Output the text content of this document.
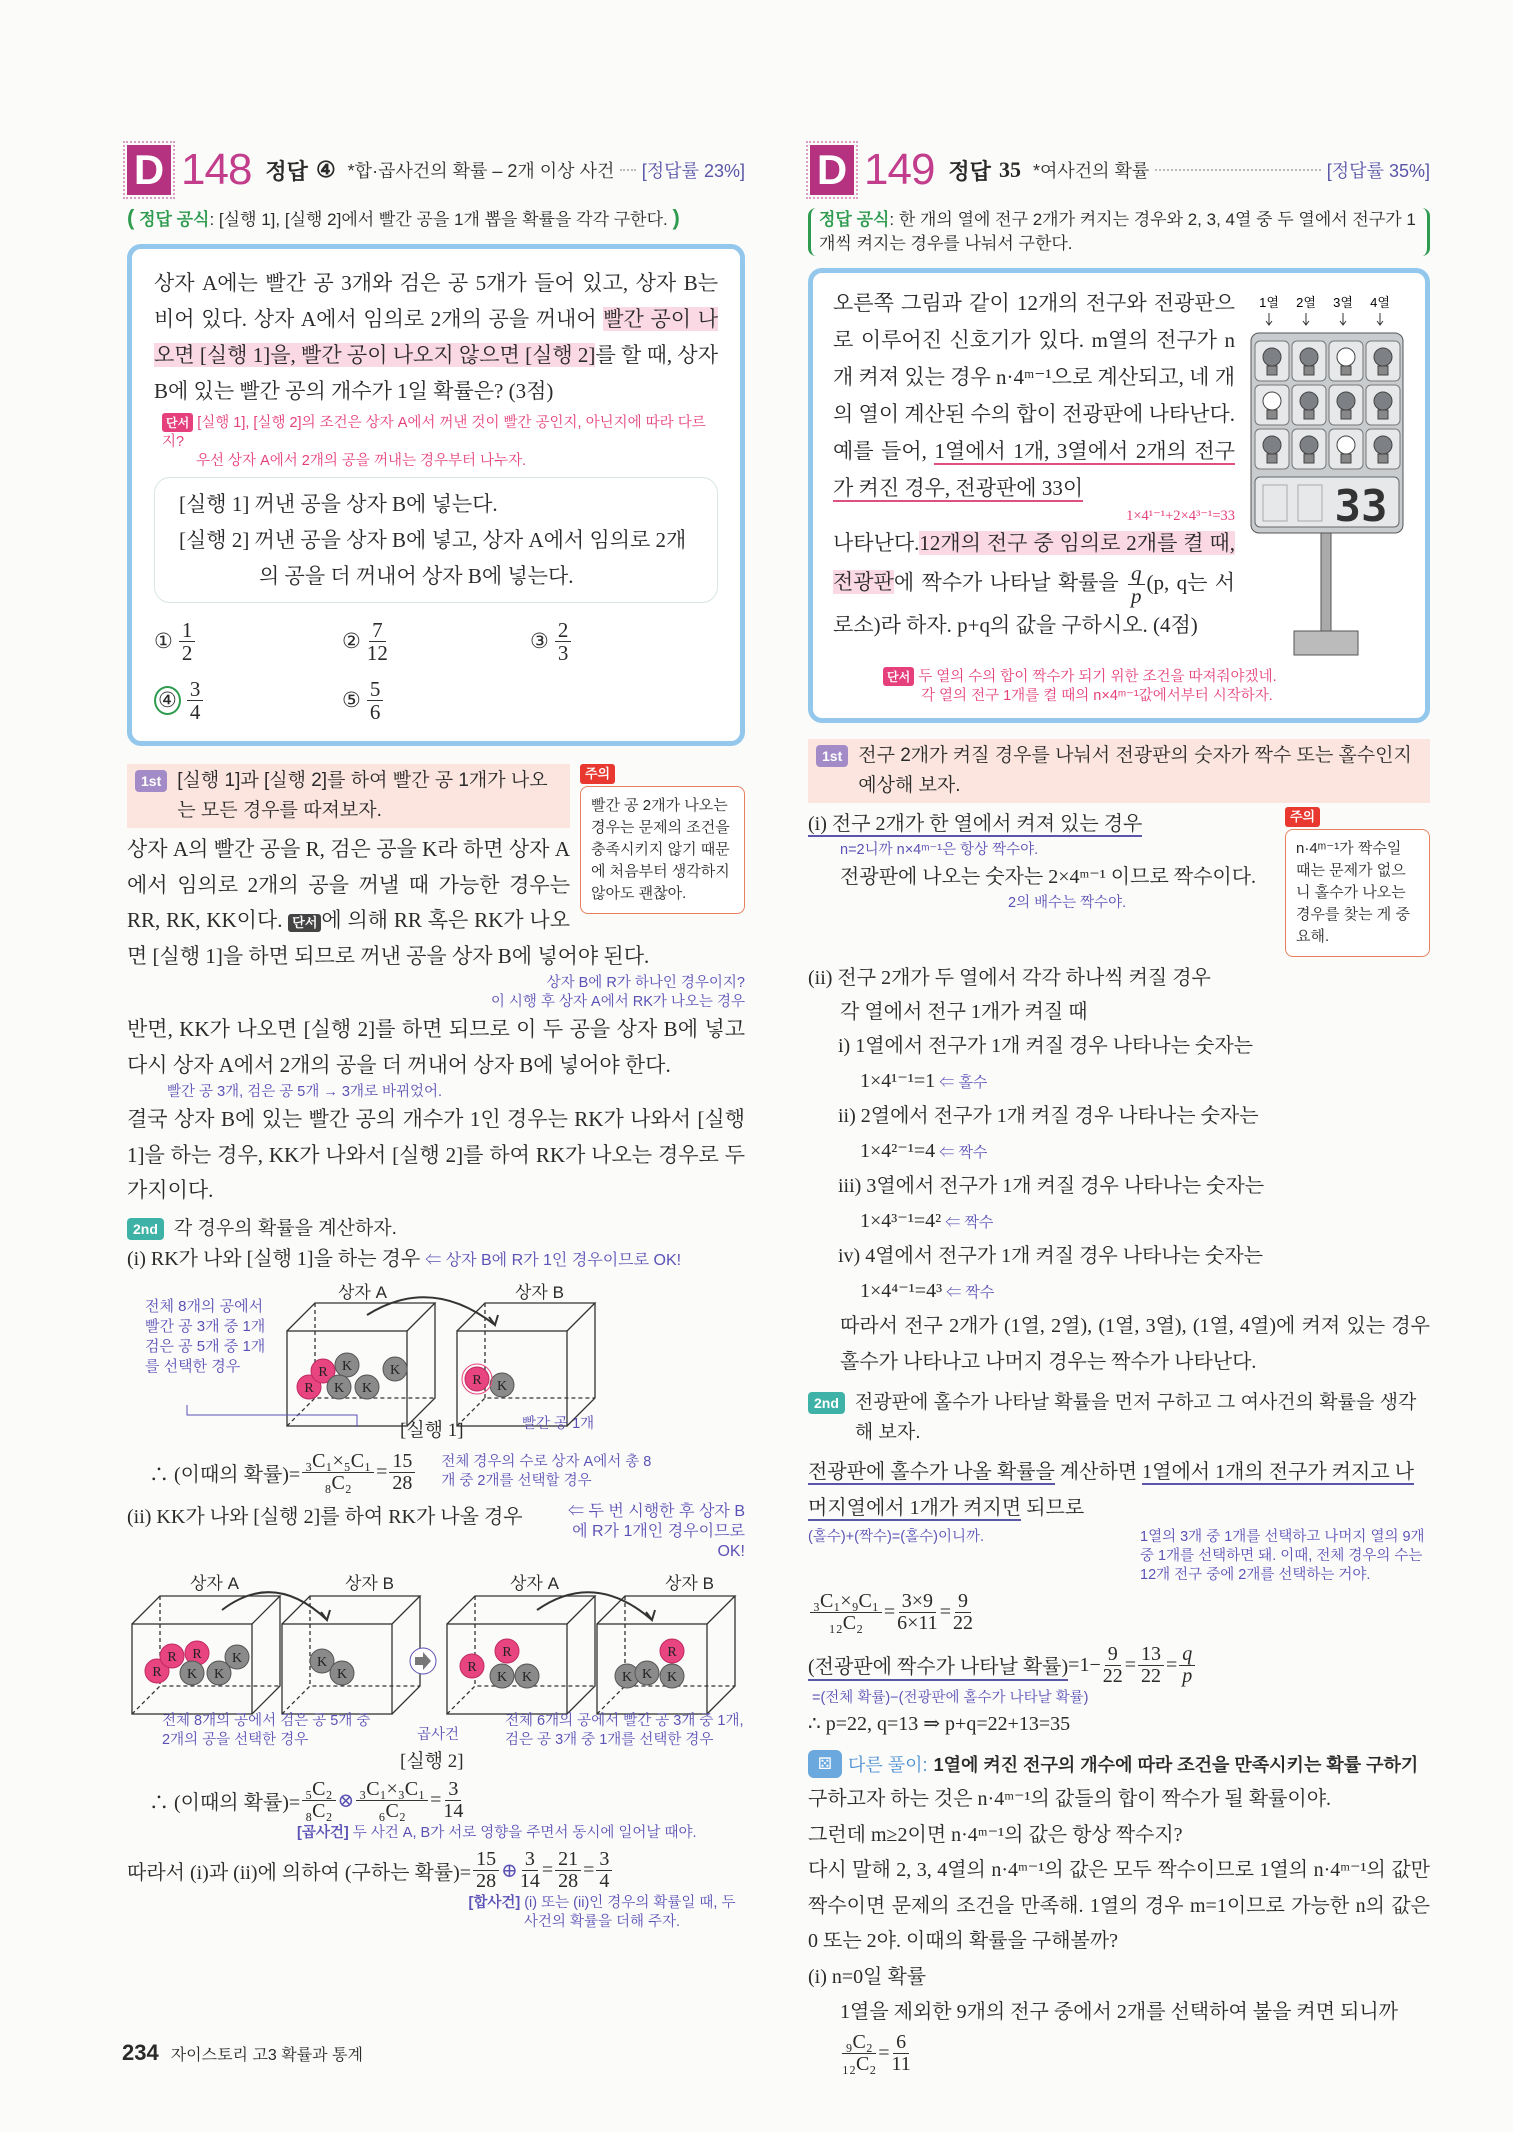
D 148 정답 ④ *합·곱사건의 확률 – 2개 이상 사건 [정답률 23%]
( 정답 공식: [실행 1], [실행 2]에서 빨간 공을 1개 뽑을 확률을 각각 구한다. )
상자 A에는 빨간 공 3개와 검은 공 5개가 들어 있고, 상자 B는 비어 있다. 상자 A에서 임의로 2개의 공을 꺼내어 빨간 공이 나오면 [실행 1]을, 빨간 공이 나오지 않으면 [실행 2]를 할 때, 상자 B에 있는 빨간 공의 개수가 1일 확률은? (3점)
단서 [실행 1], [실행 2]의 조건은 상자 A에서 꺼낸 것이 빨간 공인지, 아닌지에 따라 다르지?
우선 상자 A에서 2개의 공을 꺼내는 경우부터 나누자.
[실행 1] 꺼낸 공을 상자 B에 넣는다.
[실행 2] 꺼낸 공을 상자 B에 넣고, 상자 A에서 임의로 2개
의 공을 더 꺼내어 상자 B에 넣는다.
① $\frac{1}{2}$	② $\frac{7}{12}$	③ $\frac{2}{3}$
④ $\frac{3}{4}$	⑤ $\frac{5}{6}$
주의
빨간 공 2개가 나오는 경우는 문제의 조건을 충족시키지 않기 때문에 처음부터 생각하지 않아도 괜찮아.
1st [실행 1]과 [실행 2]를 하여 빨간 공 1개가 나오는 모든 경우를 따져보자.
상자 A의 빨간 공을 R, 검은 공을 K라 하면 상자 A에서 임의로 2개의 공을 꺼낼 때 가능한 경우는 RR, RK, KK이다. 단서 에 의해 RR 혹은 RK가 나오면 [실행 1]을 하면 되므로 꺼낸 공을 상자 B에 넣어야 된다.
상자 B에 R가 하나인 경우이지?
이 시행 후 상자 A에서 RK가 나오는 경우
반면, KK가 나오면 [실행 2]를 하면 되므로 이 두 공을 상자 B에 넣고 다시 상자 A에서 2개의 공을 더 꺼내어 상자 B에 넣어야 한다.
빨간 공 3개, 검은 공 5개 → 3개로 바뀌었어.
결국 상자 B에 있는 빨간 공의 개수가 1인 경우는 RK가 나와서 [실행 1]을 하는 경우, KK가 나와서 [실행 2]를 하여 RK가 나오는 경우로 두 가지이다.
2nd 각 경우의 확률을 계산하자.
(i) RK가 나와 [실행 1]을 하는 경우 ⇐ 상자 B에 R가 1인 경우이므로 OK!
R
R K
K K
K
R K
상자 A	상자 B
전체 8개의 공에서 빨간 공 3개 중 1개 검은 공 5개 중 1개를 선택한 경우
[실행 1]	빨간 공 1개
∴ (이때의 확률)= $\frac{\text{₃C₁×₅C₁}}{\text{₈C₂}} = \frac{15}{28}$ 전체 경우의 수로 상자 A에서 총 8개 중 2개를 선택할 경우
(ii) KK가 나와 [실행 2]를 하여 RK가 나올 경우	⇐ 두 번 시행한 후 상자 B에 R가 1개인 경우이므로 OK!
R
R R
K K
K	K
K	R
R
K K
R
K K K
상자 A	상자 B	상자 A	상자 B
곱사건
[실행 2]
전체 8개의 공에서 검은 공 5개 중 2개의 공을 선택한 경우
전체 6개의 공에서 빨간 공 3개 중 1개, 검은 공 3개 중 1개를 선택한 경우
∴ (이때의 확률)= $\frac{\text{₅C₂}}{\text{₈C₂}}$ ⊗ $\frac{\text{₃C₁×₃C₁}}{\text{₆C₂}} = \frac{3}{14}$
[곱사건] 두 사건 A, B가 서로 영향을 주면서 동시에 일어날 때야.
따라서 (i)과 (ii)에 의하여 (구하는 확률)= $\frac{15}{28}$ ⊕ $\frac{3}{14} = \frac{21}{28} = \frac{3}{4}$
[합사건] (i) 또는 (ii)인 경우의 확률일 때, 두 사건의 확률을 더해 주자.
D 149 정답 35 *여사건의 확률	[정답률 35%]
정답 공식: 한 개의 열에 전구 2개가 켜지는 경우와 2, 3, 4열 중 두 열에서 전구가 1개씩 켜지는 경우를 나눠서 구한다.
오른쪽 그림과 같이 12개의 전구와 전광판으로 이루어진 신호기가 있다. m열의 전구가 n개 켜져 있는 경우 n·4ᵐ⁻¹으로 계산되고, 네 개의 열이 계산된 수의 합이 전광판에 나타난다. 예를 들어, 1열에서 1개, 3열에서 2개의 전구가 켜진 경우, 전광판에 33이
1×4¹⁻¹+2×4³⁻¹=33
나타난다.12개의 전구 중 임의로 2개를 켤 때, 전광판에 짝수가 나타날 확률을 $\frac{q}{p} (p$, q는 서로소)라 하자. p+q의 값을 구하시오. (4점)
1열 2열 3열 4열
33
단서 두 열의 수의 합이 짝수가 되기 위한 조건을 따져줘야겠네.
각 열의 전구 1개를 켤 때의 n×4ᵐ⁻¹값에서부터 시작하자.
1st 전구 2개가 켜질 경우를 나눠서 전광판의 숫자가 짝수 또는 홀수인지 예상해 보자.
주의
n·4ᵐ⁻¹가 짝수일 때는 문제가 없으니 홀수가 나오는 경우를 찾는 게 중요해.
(i) 전구 2개가 한 열에서 켜져 있는 경우
n=2니까 n×4ᵐ⁻¹은 항상 짝수야.
전광판에 나오는 숫자는 2×4ᵐ⁻¹ 이므로 짝수이다.
2의 배수는 짝수야.
(ii) 전구 2개가 두 열에서 각각 하나씩 켜질 경우
각 열에서 전구 1개가 켜질 때
i) 1열에서 전구가 1개 켜질 경우 나타나는 숫자는
1×4¹⁻¹=1 ⇐ 홀수
ii) 2열에서 전구가 1개 켜질 경우 나타나는 숫자는
1×4²⁻¹=4 ⇐ 짝수
iii) 3열에서 전구가 1개 켜질 경우 나타나는 숫자는
1×4³⁻¹=4² ⇐ 짝수
iv) 4열에서 전구가 1개 켜질 경우 나타나는 숫자는
1×4⁴⁻¹=4³ ⇐ 짝수
따라서 전구 2개가 (1열, 2열), (1열, 3열), (1열, 4열)에 켜져 있는 경우 홀수가 나타나고 나머지 경우는 짝수가 나타난다.
2nd 전광판에 홀수가 나타날 확률을 먼저 구하고 그 여사건의 확률을 생각해 보자.
전광판에 홀수가 나올 확률을 계산하면 1열에서 1개의 전구가 켜지고 나머지열에서 1개가 켜지면 되므로
(홀수)+(짝수)=(홀수)이니까.	1열의 3개 중 1개를 선택하고 나머지 열의 9개 중 1개를 선택하면 돼. 이때, 전체 경우의 수는 12개 전구 중에 2개를 선택하는 거야.
$\frac{\text{₃C₁×₉C₁}}{\text{₁₂C₂}} = \frac{3\times 9}{6\times 11} = \frac{9}{22}$
(전광판에 짝수가 나타날 확률) $=1- \frac{9}{22} = \frac{13}{22} = \frac{q}{p}$
=(전체 확률)−(전광판에 홀수가 나타날 확률)
∴ p=22, q=13 ⇒ p+q=22+13=35
⚄ 다른 풀이: 1열에 켜진 전구의 개수에 따라 조건을 만족시키는 확률 구하기
구하고자 하는 것은 n·4ᵐ⁻¹의 값들의 합이 짝수가 될 확률이야.
그런데 m≥2이면 n·4ᵐ⁻¹의 값은 항상 짝수지?
다시 말해 2, 3, 4열의 n·4ᵐ⁻¹의 값은 모두 짝수이므로 1열의 n·4ᵐ⁻¹의 값만 짝수이면 문제의 조건을 만족해. 1열의 경우 m=1이므로 가능한 n의 값은 0 또는 2야. 이때의 확률을 구해볼까?
(i) n=0일 확률
1열을 제외한 9개의 전구 중에서 2개를 선택하여 불을 켜면 되니까
$\frac{\text{₉C₂}}{\text{₁₂C₂}} = \frac{6}{11}$
234 자이스토리 고3 확률과 통계
